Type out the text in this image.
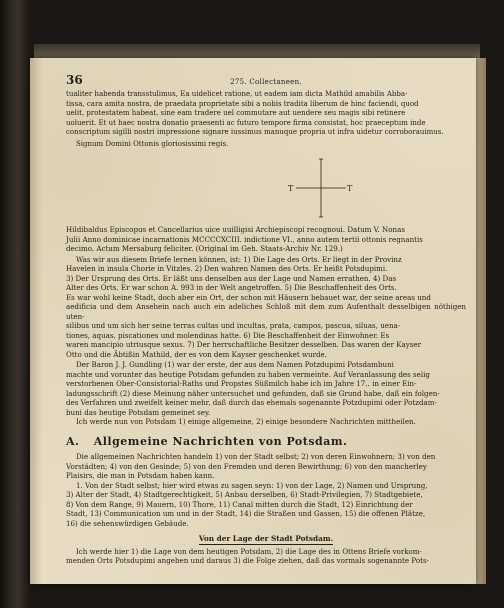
36	275. Collectaneen.

tualiter habenda transstulimus, Ea uidelicet ratione, ut eadem iam dicta Mathild amabilis Abba-

tissa, cara amita nostra, de praedata proprietate sibi a nobis tradita liberum de hinc faciendi, quod

uelit, protestatem habeat, sine eam tradere uel commutare aut uendere seu magis sibi retinere

uoluerit. Et ut haec nostra donatio praesenti ac futuro tempore firma consistat, hoc praeceptum inde

conscriptum sigilli nostri impressione signare iussimus manuque propria ut infra uidetur corroborauimus.

Signum Domini Ottonis gloriosissimi regis.

T	T

Hildibaldus Episcopus et Cancellarius uice uuilligisi Archiepiscopi recognoui. Datum V. Nonas

Julii Anno dominicae incarnationis MCCCCXCIII. indictione VI., anno autem tertii ottonis regnantis

decimo. Actum Mersaburg feliciter. (Original im Geh. Staats-Archiv Nr. 129.)

Was wir aus diesem Briefe lernen können, ist: 1) Die Lage des Orts. Er liegt in der Provinz

Havelen in insula Chorie in Vitzles. 2) Den wahren Namen des Orts. Er heißt Potsdupimi.

3) Der Ursprung des Orts. Er läßt uns denselben aus der Lage und Namen errathen. 4) Das

Alter des Orts. Er war schon A. 993 in der Welt angetroffen. 5) Die Beschaffenheit des Orts.

Es war wohl keine Stadt, doch aber ein Ort, der schon mit Häusern bebauet war, der seine areas und

aedificia und dem Ansehein nach auch ein adeliches Schloß mit dem zum Aufenthalt desselbigen nöthigen uten-

silibus und um sich her seine terras cultas und incultas, prata, campos, pascua, siluas, uena-

tiones, aquas, piscationes und molendinas hatte. 6) Die Beschaffenheit der Einwohner. Es

waren mancipio utriusque sexus. 7) Der herrschaftliche Besitzer desselben. Das waren der Kayser

Otto und die Äbtißin Mathild, der es von dem Kayser geschenket wurde.

Der Baron J. J. Gundling (1) war der erste, der aus dem Namen Potzdupimi Potsdambuni

machte und vorunter das heutige Potsdam gefunden zu haben vermeinte. Auf Veranlassung des selig

verstorbenen Ober-Consistorial-Raths und Propstes Süßmilch habe ich im Jahre 17.. in einer Ein-

ladungsschrift (2) diese Meinung näher untersuchet und gefunden, daß sie Grund habe, daß ein folgen-

des Verfahren und zweifelt keiner mehr, daß durch das ehemals sogenannte Potzdupimi oder Potzdam-

buni das heutige Potsdam gemeinet sey.

Ich werde nun von Potsdam 1) einige allgemeine, 2) einige besondere Nachrichten mittheilen.

A. Allgemeine Nachrichten von Potsdam.

Die allgemeinen Nachrichten handeln 1) von der Stadt selbst; 2) von deren Einwohnern; 3) von den

Vorstädten; 4) von den Gesinde; 5) von den Fremden und deren Bewirthung; 6) von den mancherley

Plaisirs, die man in Potsdam haben kann.

1. Von der Stadt selbst; hier wird etwas zu sagen seyn: 1) von der Lage, 2) Namen und Ursprung,

3) Alter der Stadt, 4) Stadtgerechtigkeit, 5) Anbau derselben, 6) Stadt-Privilegien, 7) Stadtgebiete,

8) Von dem Range, 9) Mauern, 10) Thore, 11) Canal mitten durch die Stadt, 12) Einrichtung der

Stadt, 13) Communication um und in der Stadt, 14) die Straßen und Gassen, 15) die offenen Plätze,

16) die sehenswürdigen Gebäude.

Von der Lage der Stadt Potsdam.

Ich werde hier 1) die Lage von dem heutigen Potsdam, 2) die Lage des in Ottens Briefe vorkom-

menden Orts Potsdupimi angeben und daraus 3) die Folge ziehen, daß das vormals sogenannte Pots-
